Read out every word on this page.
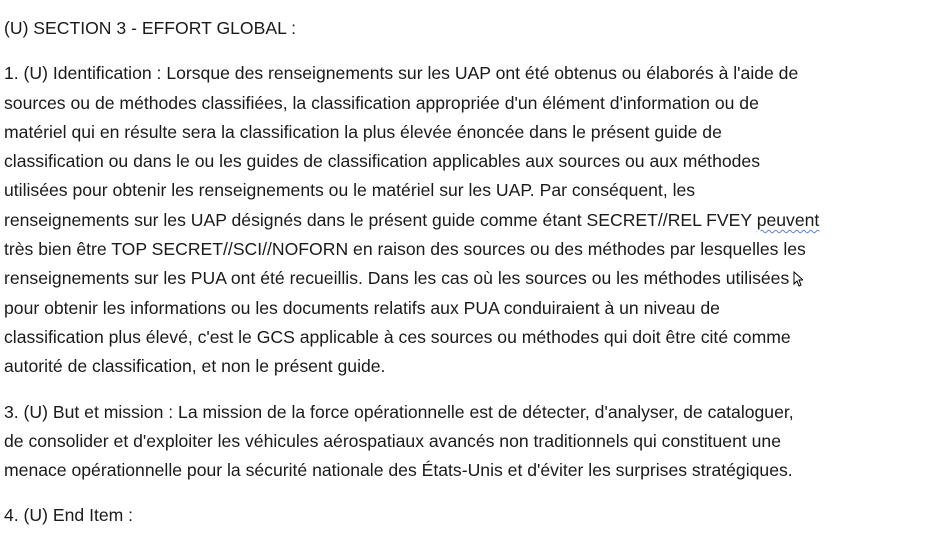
(U) SECTION 3 - EFFORT GLOBAL :
1. (U) Identification : Lorsque des renseignements sur les UAP ont été obtenus ou élaborés à l'aide de
sources ou de méthodes classifiées, la classification appropriée d'un élément d'information ou de
matériel qui en résulte sera la classification la plus élevée énoncée dans le présent guide de
classification ou dans le ou les guides de classification applicables aux sources ou aux méthodes
utilisées pour obtenir les renseignements ou le matériel sur les UAP. Par conséquent, les
renseignements sur les UAP désignés dans le présent guide comme étant SECRET//REL FVEY peuvent
très bien être TOP SECRET//SCI//NOFORN en raison des sources ou des méthodes par lesquelles les
renseignements sur les PUA ont été recueillis. Dans les cas où les sources ou les méthodes utilisées
pour obtenir les informations ou les documents relatifs aux PUA conduiraient à un niveau de
classification plus élevé, c'est le GCS applicable à ces sources ou méthodes qui doit être cité comme
autorité de classification, et non le présent guide.
3. (U) But et mission : La mission de la force opérationnelle est de détecter, d'analyser, de cataloguer,
de consolider et d'exploiter les véhicules aérospatiaux avancés non traditionnels qui constituent une
menace opérationnelle pour la sécurité nationale des États-Unis et d'éviter les surprises stratégiques.
4. (U) End Item :
